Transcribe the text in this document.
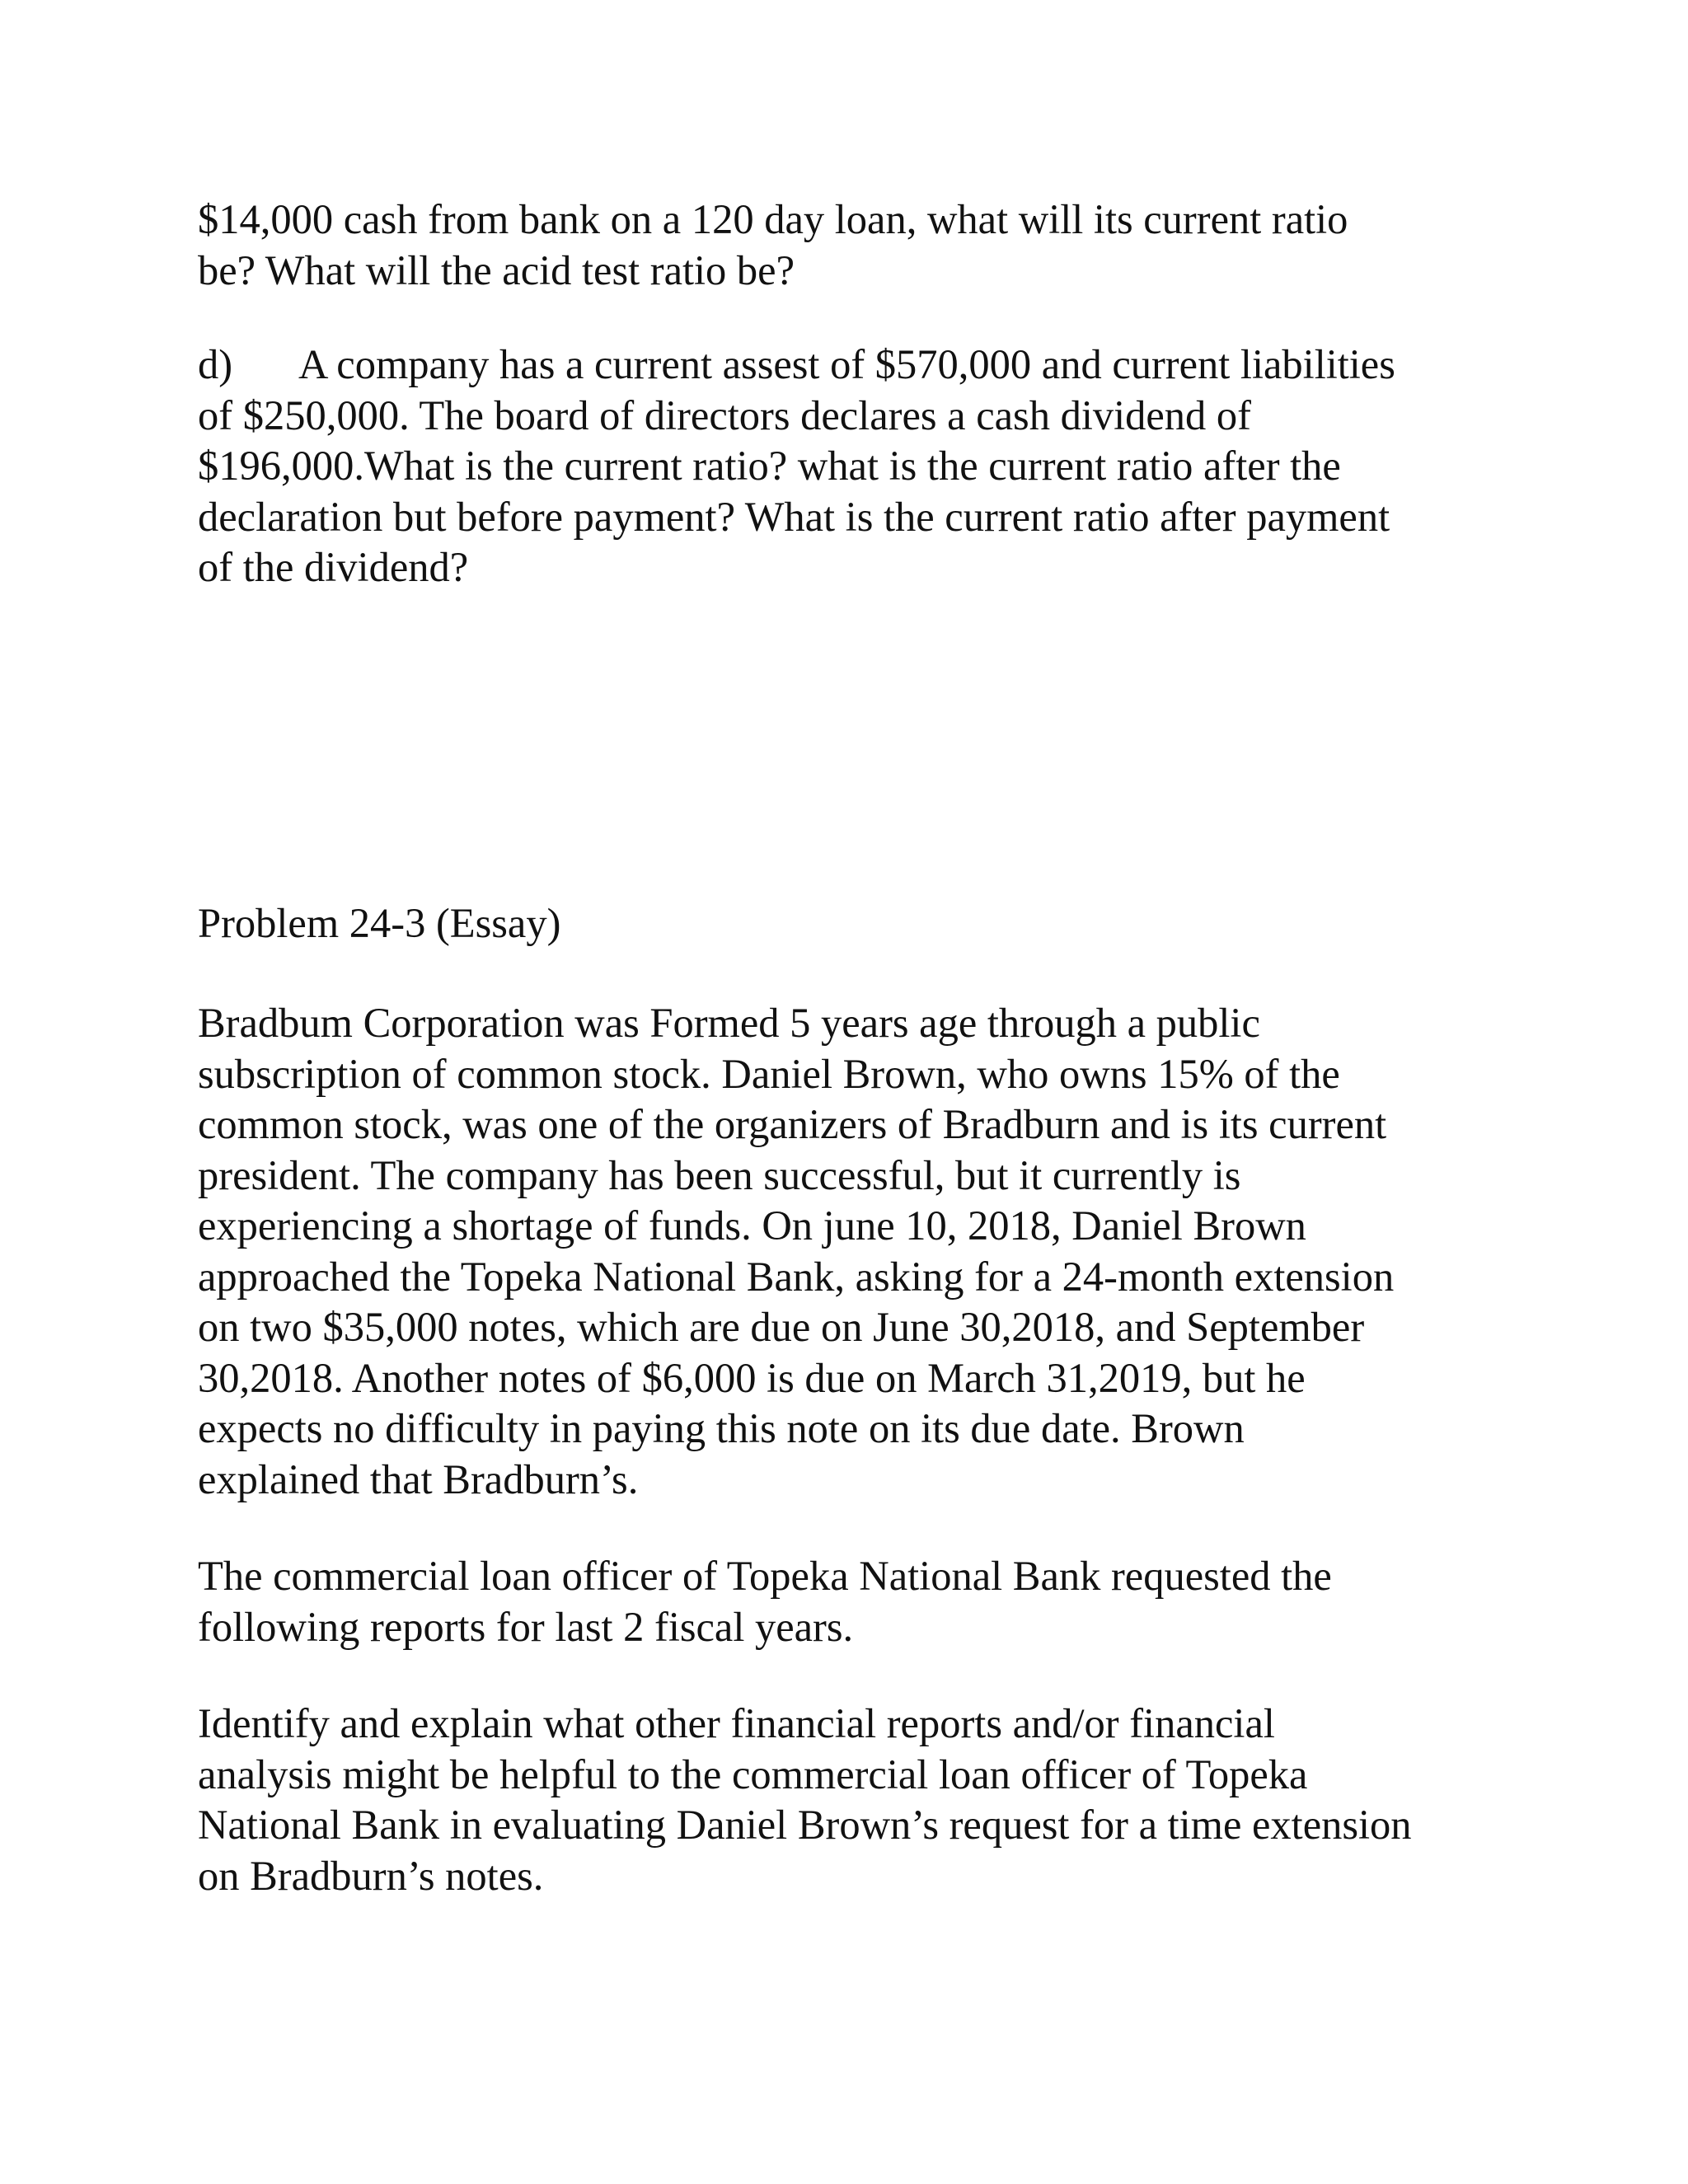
$14,000 cash from bank on a 120 day loan, what will its current ratio
be? What will the acid test ratio be?

d) A company has a current assest of $570,000 and current liabilities
of $250,000. The board of directors declares a cash dividend of
$196,000.What is the current ratio? what is the current ratio after the
declaration but before payment? What is the current ratio after payment
of the dividend?

Problem 24-3 (Essay)

Bradbum Corporation was Formed 5 years age through a public
subscription of common stock. Daniel Brown, who owns 15% of the
common stock, was one of the organizers of Bradburn and is its current
president. The company has been successful, but it currently is
experiencing a shortage of funds. On june 10, 2018, Daniel Brown
approached the Topeka National Bank, asking for a 24-month extension
on two $35,000 notes, which are due on June 30,2018, and September
30,2018. Another notes of $6,000 is due on March 31,2019, but he
expects no difficulty in paying this note on its due date. Brown
explained that Bradburn’s.

The commercial loan officer of Topeka National Bank requested the
following reports for last 2 fiscal years.

Identify and explain what other financial reports and/or financial
analysis might be helpful to the commercial loan officer of Topeka
National Bank in evaluating Daniel Brown’s request for a time extension
on Bradburn’s notes.
